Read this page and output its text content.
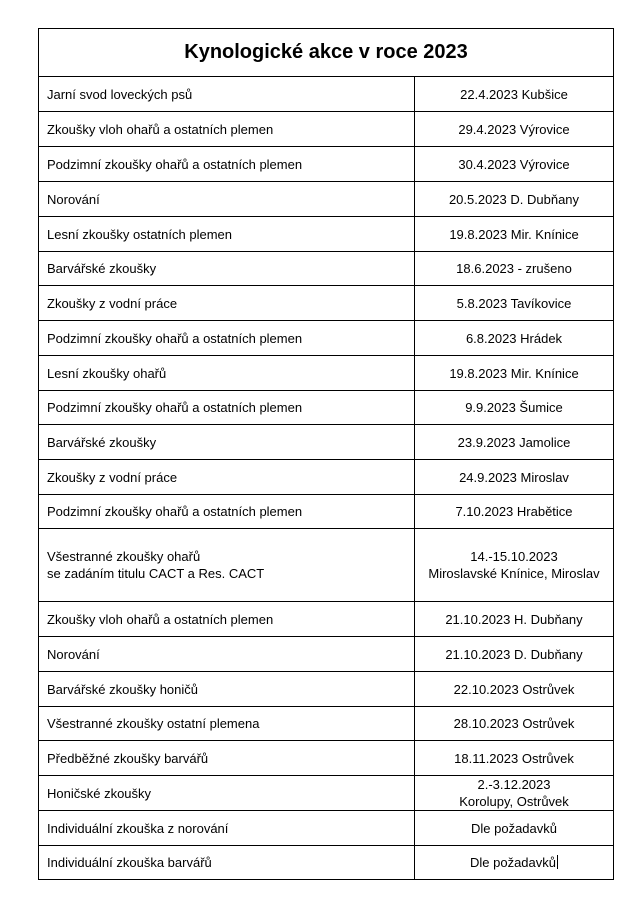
Kynologické akce v roce 2023	

Jarní svod loveckých psů	22.4.2023 Kubšice

Zkoušky vloh ohařů a ostatních plemen	29.4.2023 Výrovice

Podzimní zkoušky ohařů a ostatních plemen	30.4.2023 Výrovice

Norování	20.5.2023 D. Dubňany

Lesní zkoušky ostatních plemen	19.8.2023 Mir. Knínice

Barvářské zkoušky	18.6.2023 - zrušeno

Zkoušky z vodní práce	5.8.2023 Tavíkovice

Podzimní zkoušky ohařů a ostatních plemen	6.8.2023 Hrádek

Lesní zkoušky ohařů	19.8.2023 Mir. Knínice

Podzimní zkoušky ohařů a ostatních plemen	9.9.2023 Šumice

Barvářské zkoušky	23.9.2023 Jamolice

Zkoušky z vodní práce	24.9.2023 Miroslav

Podzimní zkoušky ohařů a ostatních plemen	7.10.2023 Hrabětice

Všestranné zkoušky ohařů
se zadáním titulu CACT a Res. CACT	14.-15.10.2023
Miroslavské Knínice, Miroslav

Zkoušky vloh ohařů a ostatních plemen	21.10.2023 H. Dubňany

Norování	21.10.2023 D. Dubňany

Barvářské zkoušky honičů	22.10.2023 Ostrůvek

Všestranné zkoušky ostatní plemena	28.10.2023 Ostrůvek

Předběžné zkoušky barvářů	18.11.2023 Ostrůvek

Honičské zkoušky	2.-3.12.2023
Korolupy, Ostrůvek

Individuální zkouška z norování	Dle požadavků

Individuální zkouška barvářů	Dle požadavků
